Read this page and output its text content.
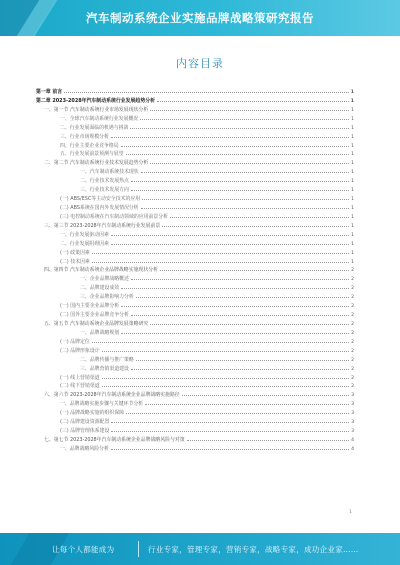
汽车制动系统企业实施品牌战略策研究报告
内容目录
第一章 前言	1
第二章 2023-2028年汽车制动系统行业发展趋势分析	1
一、第一节 汽车制动系统行业市场发展现状分析	1
一、全球汽车制动系统行业发展概况	1
二、行业发展面临的机遇与挑战	1
三、行业市场规模分析	1
四、行业主要企业竞争格局	1
五、行业发展前景预测与展望	1
二、第二节 汽车制动系统行业技术发展趋势分析	1
一、汽车制动系统技术现状	1
二、行业技术发展热点	1
三、行业技术发展方向	1
(一) ABS/ESC等主动安全技术的应用	1
(二) ABS系统在国内外发展情况分析	1
(三) 电控制动系统在汽车制动领域的应用前景分析	1
三、第三节 2023-2028年汽车制动系统行业发展前景	1
一、行业发展驱动因素	1
二、行业发展阻碍因素	1
(一) 政策因素	1
(二) 技术因素	1
四、第四节 汽车制动系统企业品牌战略实施现状分析	2
一、企业品牌战略概述	2
二、品牌建设成效	2
三、企业品牌影响力分析	2
(一) 国内主要企业品牌分析	2
(二) 国外主要企业品牌竞争分析	2
五、第五节 汽车制动系统企业品牌发展策略研究	2
一、品牌战略规划	2
(一) 品牌定位	2
(二) 品牌形象设计	2
二、品牌传播与推广策略	2
三、品牌营销渠道建设	2
(一) 线上营销渠道	2
(二) 线下营销渠道	2
六、第六节 2023-2028年汽车制动系统企业品牌战略实施路径	3
一、品牌战略实施步骤与关键环节分析	3
(一) 品牌战略实施的组织保障	3
(二) 品牌建设资源配置	3
(三) 品牌管理体系建设	3
七、第七节 2023-2028年汽车制动系统企业品牌战略风险与对策	4
一、品牌战略风险分析	4
1
让每个人都能成为	行业专家，管理专家，营销专家，战略专家，成功企业家……
